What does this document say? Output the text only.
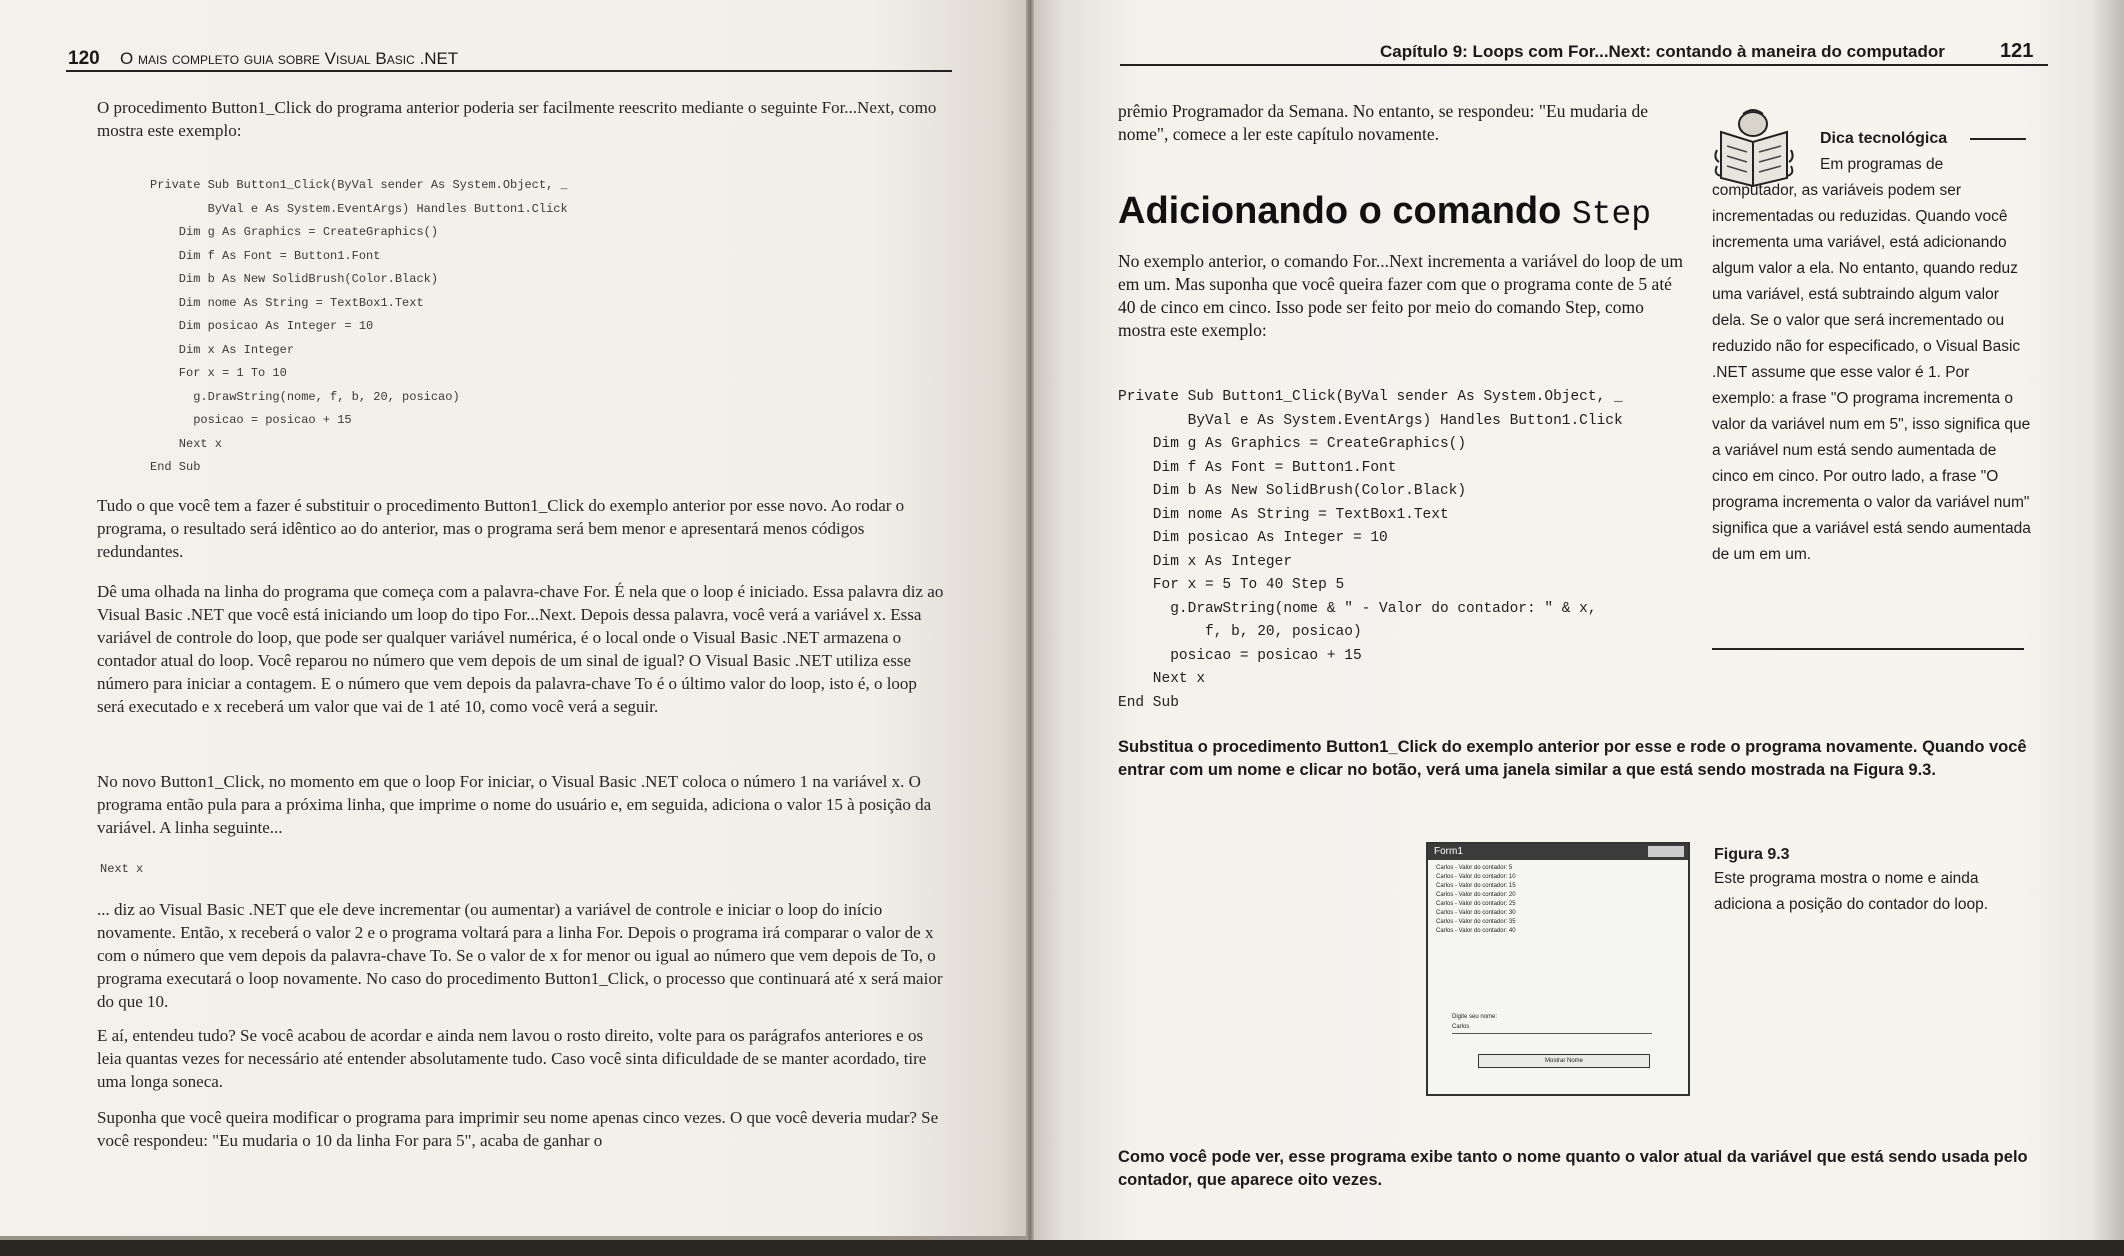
120 O mais completo guia sobre Visual Basic .NET

O procedimento Button1_Click do programa anterior poderia ser facilmente reescrito mediante o seguinte For...Next, como mostra este exemplo:

Private Sub Button1_Click(ByVal sender As System.Object, _
ByVal e As System.EventArgs) Handles Button1.Click
Dim g As Graphics = CreateGraphics()
Dim f As Font = Button1.Font
Dim b As New SolidBrush(Color.Black)
Dim nome As String = TextBox1.Text
Dim posicao As Integer = 10
Dim x As Integer
For x = 1 To 10
g.DrawString(nome, f, b, 20, posicao)
posicao = posicao + 15
Next x
End Sub

Tudo o que você tem a fazer é substituir o procedimento Button1_Click do exemplo anterior por esse novo. Ao rodar o programa, o resultado será idêntico ao do anterior, mas o programa será bem menor e apresentará menos códigos redundantes.

Dê uma olhada na linha do programa que começa com a palavra-chave For. É nela que o loop é iniciado. Essa palavra diz ao Visual Basic .NET que você está iniciando um loop do tipo For...Next. Depois dessa palavra, você verá a variável x. Essa variável de controle do loop, que pode ser qualquer variável numérica, é o local onde o Visual Basic .NET armazena o contador atual do loop. Você reparou no número que vem depois de um sinal de igual? O Visual Basic .NET utiliza esse número para iniciar a contagem. E o número que vem depois da palavra-chave To é o último valor do loop, isto é, o loop será executado e x receberá um valor que vai de 1 até 10, como você verá a seguir.

No novo Button1_Click, no momento em que o loop For iniciar, o Visual Basic .NET coloca o número 1 na variável x. O programa então pula para a próxima linha, que imprime o nome do usuário e, em seguida, adiciona o valor 15 à posição da variável. A linha seguinte...

Next x

... diz ao Visual Basic .NET que ele deve incrementar (ou aumentar) a variável de controle e iniciar o loop do início novamente. Então, x receberá o valor 2 e o programa voltará para a linha For. Depois o programa irá comparar o valor de x com o número que vem depois da palavra-chave To. Se o valor de x for menor ou igual ao número que vem depois de To, o programa executará o loop novamente. No caso do procedimento Button1_Click, o processo que continuará até x será maior do que 10.

E aí, entendeu tudo? Se você acabou de acordar e ainda nem lavou o rosto direito, volte para os parágrafos anteriores e os leia quantas vezes for necessário até entender absolutamente tudo. Caso você sinta dificuldade de se manter acordado, tire uma longa soneca.

Suponha que você queira modificar o programa para imprimir seu nome apenas cinco vezes. O que você deveria mudar? Se você respondeu: "Eu mudaria o 10 da linha For para 5", acaba de ganhar o

Capítulo 9: Loops com For...Next: contando à maneira do computador	121

prêmio Programador da Semana. No entanto, se respondeu: "Eu mudaria de nome", comece a ler este capítulo novamente.

Adicionando o comando Step

No exemplo anterior, o comando For...Next incrementa a variável do loop de um em um. Mas suponha que você queira fazer com que o programa conte de 5 até 40 de cinco em cinco. Isso pode ser feito por meio do comando Step, como mostra este exemplo:

Private Sub Button1_Click(ByVal sender As System.Object, _
ByVal e As System.EventArgs) Handles Button1.Click
Dim g As Graphics = CreateGraphics()
Dim f As Font = Button1.Font
Dim b As New SolidBrush(Color.Black)
Dim nome As String = TextBox1.Text
Dim posicao As Integer = 10
Dim x As Integer
For x = 5 To 40 Step 5
g.DrawString(nome & " - Valor do contador: " & x,
f, b, 20, posicao)
posicao = posicao + 15
Next x
End Sub

Substitua o procedimento Button1_Click do exemplo anterior por esse e rode o programa novamente. Quando você entrar com um nome e clicar no botão, verá uma janela similar a que está sendo mostrada na Figura 9.3.

Dica tecnológica

Em programas de computador, as variáveis podem ser incrementadas ou reduzidas. Quando você incrementa uma variável, está adicionando algum valor a ela. No entanto, quando reduz uma variável, está subtraindo algum valor dela. Se o valor que será incrementado ou reduzido não for especificado, o Visual Basic .NET assume que esse valor é 1. Por exemplo: a frase "O programa incrementa o valor da variável num em 5", isso significa que a variável num está sendo aumentada de cinco em cinco. Por outro lado, a frase "O programa incrementa o valor da variável num" significa que a variável está sendo aumentada de um em um.

Form1
Carlos - Valor do contador: 5
Carlos - Valor do contador: 10
Carlos - Valor do contador: 15
Carlos - Valor do contador: 20
Carlos - Valor do contador: 25
Carlos - Valor do contador: 30
Carlos - Valor do contador: 35
Carlos - Valor do contador: 40
Digite seu nome:
Carlos
Mostrar Nome
Figura 9.3

Este programa mostra o nome e ainda adiciona a posição do contador do loop.

Como você pode ver, esse programa exibe tanto o nome quanto o valor atual da variável que está sendo usada pelo contador, que aparece oito vezes.
